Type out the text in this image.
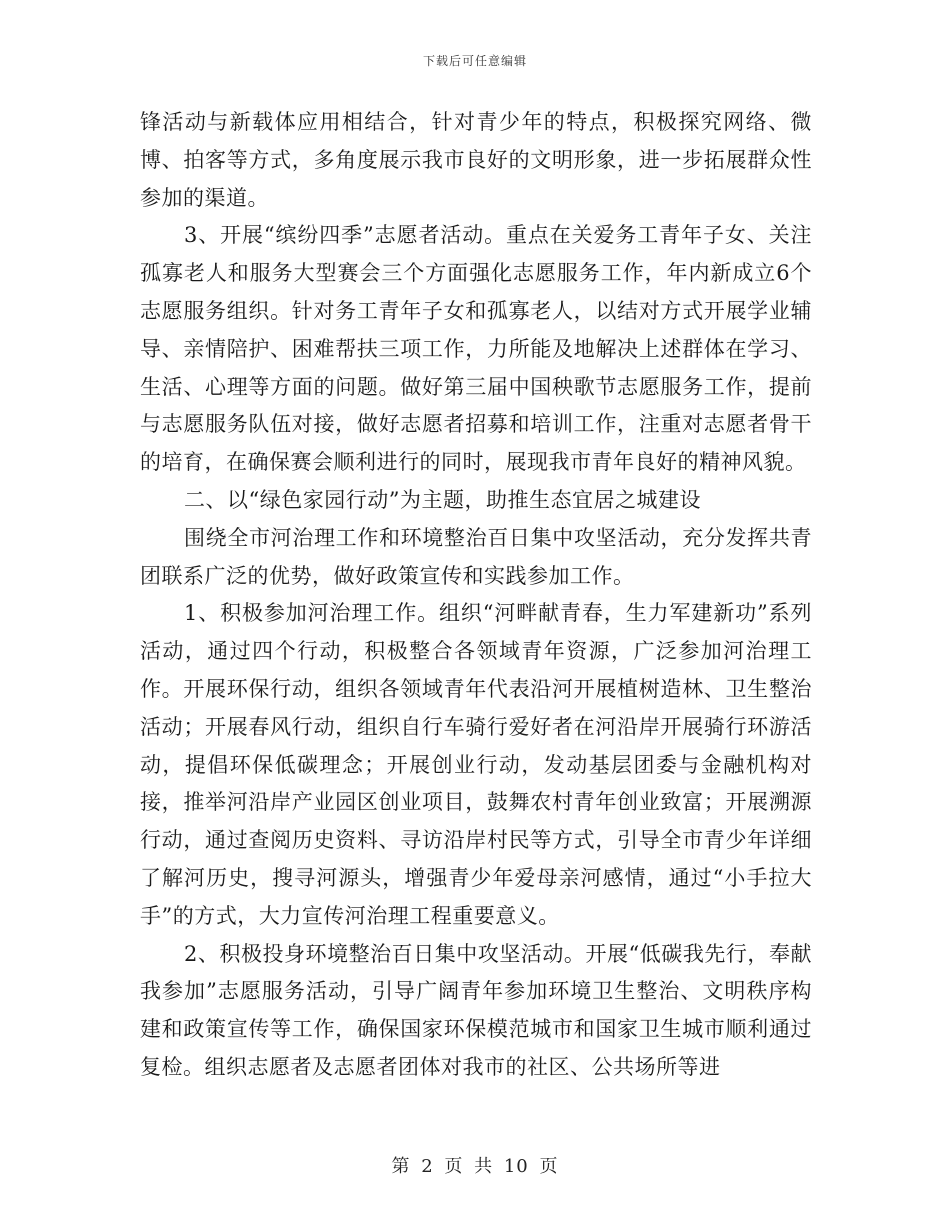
下载后可任意编辑

锋活动与新载体应用相结合，针对青少年的特点，积极探究网络、微博、拍客等方式，多角度展示我市良好的文明形象，进一步拓展群众性参加的渠道。

3、开展“缤纷四季”志愿者活动。重点在关爱务工青年子女、关注孤寡老人和服务大型赛会三个方面强化志愿服务工作，年内新成立6个志愿服务组织。针对务工青年子女和孤寡老人，以结对方式开展学业辅导、亲情陪护、困难帮扶三项工作，力所能及地解决上述群体在学习、生活、心理等方面的问题。做好第三届中国秧歌节志愿服务工作，提前与志愿服务队伍对接，做好志愿者招募和培训工作，注重对志愿者骨干的培育，在确保赛会顺利进行的同时，展现我市青年良好的精神风貌。

二、以“绿色家园行动”为主题，助推生态宜居之城建设

围绕全市河治理工作和环境整治百日集中攻坚活动，充分发挥共青团联系广泛的优势，做好政策宣传和实践参加工作。

1、积极参加河治理工作。组织“河畔献青春，生力军建新功”系列活动，通过四个行动，积极整合各领域青年资源，广泛参加河治理工作。开展环保行动，组织各领域青年代表沿河开展植树造林、卫生整治活动；开展春风行动，组织自行车骑行爱好者在河沿岸开展骑行环游活动，提倡环保低碳理念；开展创业行动，发动基层团委与金融机构对接，推举河沿岸产业园区创业项目，鼓舞农村青年创业致富；开展溯源行动，通过查阅历史资料、寻访沿岸村民等方式，引导全市青少年详细了解河历史，搜寻河源头，增强青少年爱母亲河感情，通过“小手拉大手”的方式，大力宣传河治理工程重要意义。

2、积极投身环境整治百日集中攻坚活动。开展“低碳我先行，奉献我参加”志愿服务活动，引导广阔青年参加环境卫生整治、文明秩序构建和政策宣传等工作，确保国家环保模范城市和国家卫生城市顺利通过复检。组织志愿者及志愿者团体对我市的社区、公共场所等进

第 2 页 共 10 页
